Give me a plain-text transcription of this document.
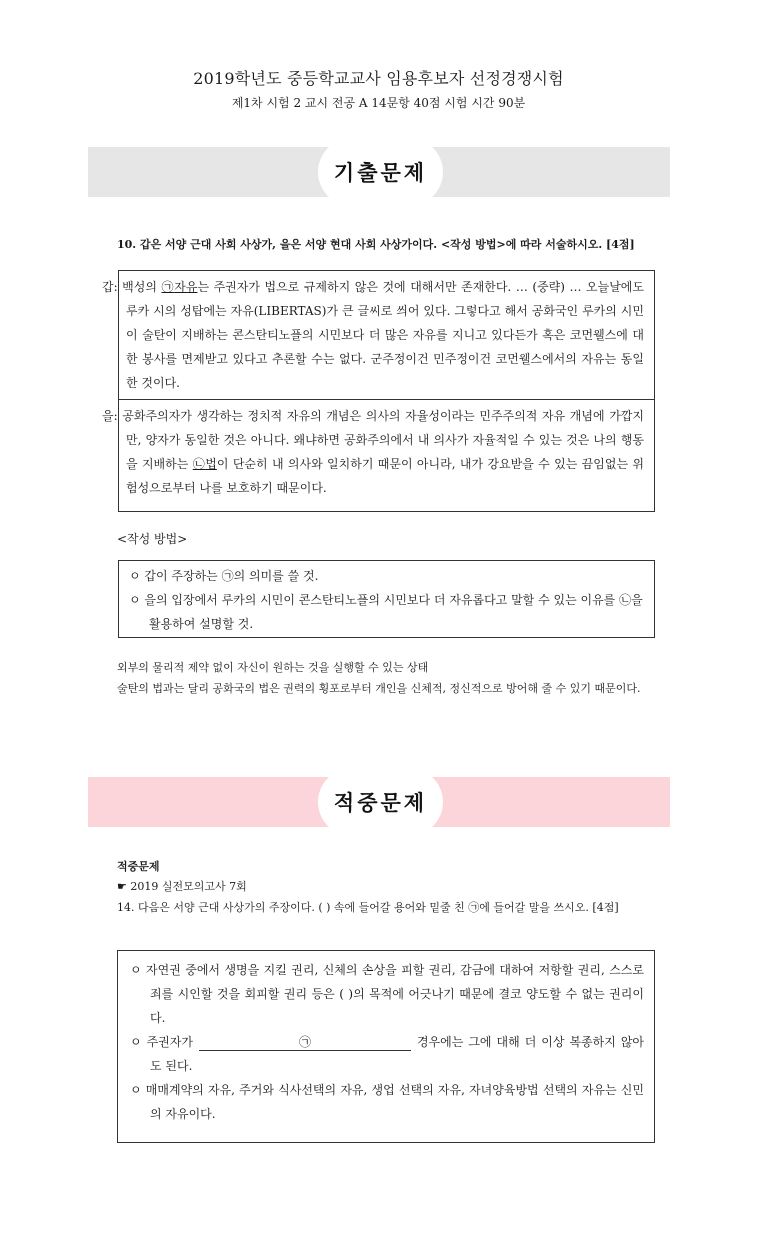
2019학년도 중등학교교사 임용후보자 선정경쟁시험
제1차 시험 2 교시 전공 A 14문항 40점 시험 시간 90분
기출문제
10. 갑은 서양 근대 사회 사상가, 을은 서양 현대 사회 사상가이다. <작성 방법>에 따라 서술하시오. [4점]
갑: 백성의 ㉠자유는 주권자가 법으로 규제하지 않은 것에 대해서만 존재한다. … (중략) … 오늘날에도 루카 시의 성탑에는 자유(LIBERTAS)가 큰 글씨로 씌어 있다. 그렇다고 해서 공화국인 루카의 시민이 술탄이 지배하는 콘스탄티노플의 시민보다 더 많은 자유를 지니고 있다든가 혹은 코먼웰스에 대한 봉사를 면제받고 있다고 추론할 수는 없다. 군주정이건 민주정이건 코먼웰스에서의 자유는 동일한 것이다.
을: 공화주의자가 생각하는 정치적 자유의 개념은 의사의 자율성이라는 민주주의적 자유 개념에 가깝지만, 양자가 동일한 것은 아니다. 왜냐하면 공화주의에서 내 의사가 자율적일 수 있는 것은 나의 행동을 지배하는 ㉡법이 단순히 내 의사와 일치하기 때문이 아니라, 내가 강요받을 수 있는 끔임없는 위험성으로부터 나를 보호하기 때문이다.
<작성 방법>
ㅇ 갑이 주장하는 ㉠의 의미를 쓸 것.
ㅇ 을의 입장에서 루카의 시민이 콘스탄티노플의 시민보다 더 자유롭다고 말할 수 있는 이유를 ㉡을 활용하여 설명할 것.
외부의 물리적 제약 없이 자신이 원하는 것을 실행할 수 있는 상태
술탄의 법과는 달리 공화국의 법은 권력의 횡포로부터 개인을 신체적, 정신적으로 방어해 줄 수 있기 때문이다.
적중문제
적중문제
☛ 2019 실전모의고사 7회
14. 다음은 서양 근대 사상가의 주장이다. ( ) 속에 들어갈 용어와 밑줄 친 ㉠에 들어갈 말을 쓰시오. [4점]
ㅇ 자연권 중에서 생명을 지킬 권리, 신체의 손상을 피할 권리, 감금에 대하여 저항할 권리, 스스로 죄를 시인할 것을 회피할 권리 등은 ( )의 목적에 어긋나기 때문에 결코 양도할 수 없는 권리이다.
ㅇ 주권자가	㉠	경우에는 그에 대해 더 이상 복종하지 않아도 된다.
ㅇ 매매계약의 자유, 주거와 식사선택의 자유, 생업 선택의 자유, 자녀양육방법 선택의 자유는 신민의 자유이다.
